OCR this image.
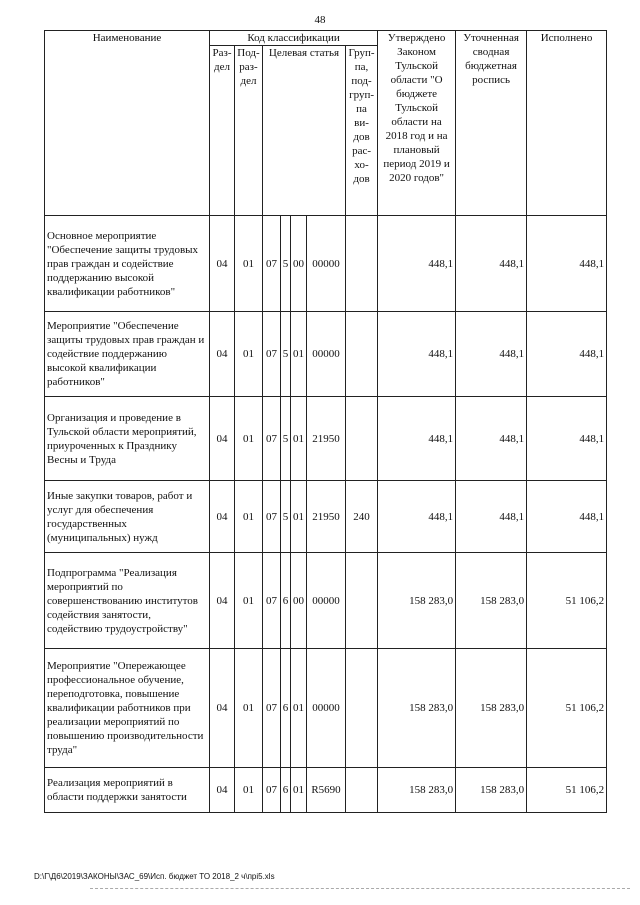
48
Наименование	Код классификации							Утверждено Законом Тульской области "О бюджете Тульской области на 2018 год и на плановый период 2019 и 2020 годов"	Уточненная сводная бюджетная роспись	Исполнено
	Раз-дел	Под-раз-дел	Целевая статья				Груп-па, под-груп-па ви-дов рас-хо-дов			
Основное мероприятие "Обеспечение защиты трудовых прав граждан и содействие поддержанию высокой квалификации работников"	04	01	07	5	00	00000		448,1	448,1	448,1
Мероприятие "Обеспечение защиты трудовых прав граждан и содействие поддержанию высокой квалификации работников"	04	01	07	5	01	00000		448,1	448,1	448,1
Организация и проведение в Тульской области мероприятий, приуроченных к Празднику Весны и Труда	04	01	07	5	01	21950		448,1	448,1	448,1
Иные закупки товаров, работ и услуг для обеспечения государственных (муниципальных) нужд	04	01	07	5	01	21950	240	448,1	448,1	448,1
Подпрограмма "Реализация мероприятий по совершенствованию институтов содействия занятости, содействию трудоустройству"	04	01	07	6	00	00000		158 283,0	158 283,0	51 106,2
Мероприятие "Опережающее профессиональное обучение, переподготовка, повышение квалификации работников при реализации мероприятий по повышению производительности труда"	04	01	07	6	01	00000		158 283,0	158 283,0	51 106,2
Реализация мероприятий в области поддержки занятости	04	01	07	6	01	R5690		158 283,0	158 283,0	51 106,2
D:\Г\Д6\2019\ЗАКОНЫ\ЗАС_69\Исп. бюджет ТО 2018_2 ч\прі5.xls
